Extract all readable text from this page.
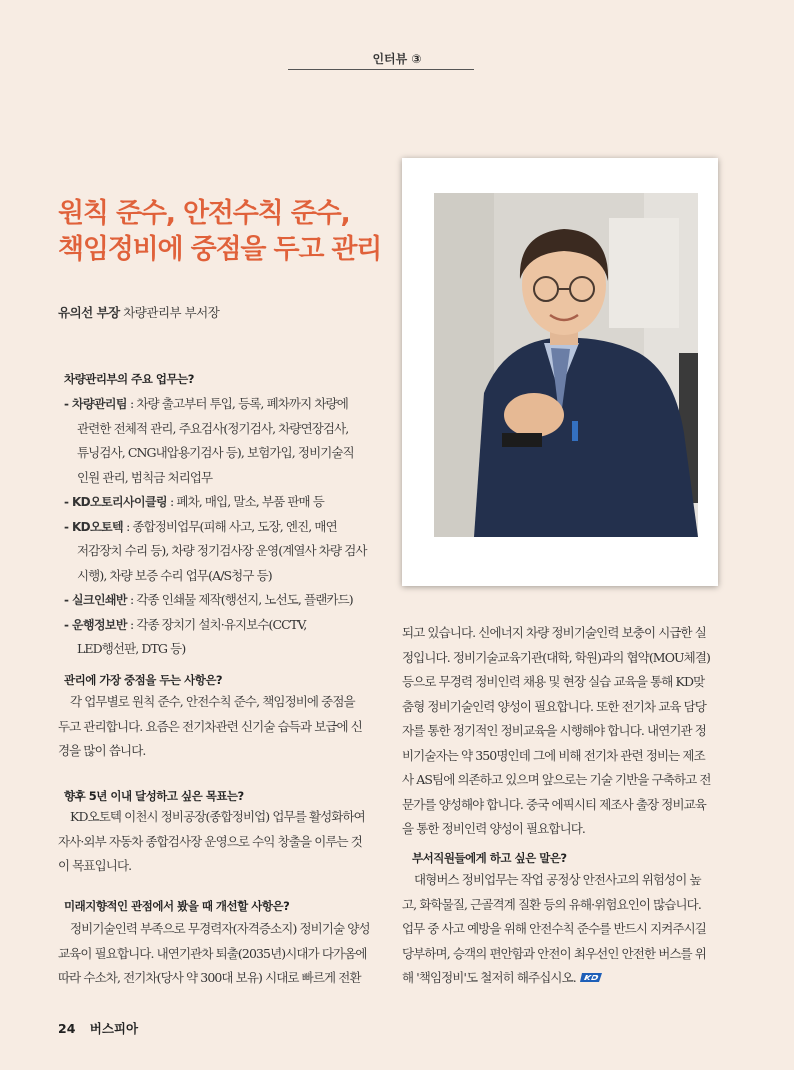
인터뷰 ③
원칙 준수, 안전수칙 준수,
책임정비에 중점을 두고 관리
유의선 부장 차량관리부 부서장
차량관리부의 주요 업무는?
- 차량관리팀 : 차량 출고부터 투입, 등록, 폐차까지 차량에
관련한 전체적 관리, 주요검사(정기검사, 차량연장검사,
튜닝검사, CNG내압용기검사 등), 보험가입, 정비기술직
인원 관리, 범칙금 처리업무
- KD오토리사이클링 : 폐차, 매입, 말소, 부품 판매 등
- KD오토텍 : 종합정비업무(피해 사고, 도장, 엔진, 매연
저감장치 수리 등), 차량 정기검사장 운영(계열사 차량 검사
시행), 차량 보증 수리 업무(A/S청구 등)
- 실크인쇄반 : 각종 인쇄물 제작(행선지, 노선도, 플랜카드)
- 운행정보반 : 각종 장치기 설치·유지보수(CCTV,
LED행선판, DTG 등)
관리에 가장 중점을 두는 사항은?
각 업무별로 원칙 준수, 안전수칙 준수, 책임정비에 중점을
두고 관리합니다. 요즘은 전기차관련 신기술 습득과 보급에 신
경을 많이 씁니다.
향후 5년 이내 달성하고 싶은 목표는?
KD오토텍 이천시 정비공장(종합정비업) 업무를 활성화하여
자사·외부 자동차 종합검사장 운영으로 수익 창출을 이루는 것
이 목표입니다.
미래지향적인 관점에서 봤을 때 개선할 사항은?
정비기술인력 부족으로 무경력자(자격증소지) 정비기술 양성
교육이 필요합니다. 내연기관차 퇴출(2035년)시대가 다가옴에
따라 수소차, 전기차(당사 약 300대 보유) 시대로 빠르게 전환
되고 있습니다. 신에너지 차량 정비기술인력 보충이 시급한 실
정입니다. 정비기술교육기관(대학, 학원)과의 협약(MOU체결)
등으로 무경력 정비인력 채용 및 현장 실습 교육을 통해 KD맞
춤형 정비기술인력 양성이 필요합니다. 또한 전기차 교육 담당
자를 통한 정기적인 정비교육을 시행해야 합니다. 내연기관 정
비기술자는 약 350명인데 그에 비해 전기차 관련 정비는 제조
사 AS팀에 의존하고 있으며 앞으로는 기술 기반을 구축하고 전
문가를 양성해야 합니다. 중국 에픽시티 제조사 출장 정비교육
을 통한 정비인력 양성이 필요합니다.
부서직원들에게 하고 싶은 말은?
대형버스 정비업무는 작업 공정상 안전사고의 위험성이 높
고, 화학물질, 근골격계 질환 등의 유해·위험요인이 많습니다.
업무 중 사고 예방을 위해 안전수칙 준수를 반드시 지켜주시길
당부하며, 승객의 편안함과 안전이 최우선인 안전한 버스를 위
해 '책임정비'도 철저히 해주십시오.
24 버스피아
